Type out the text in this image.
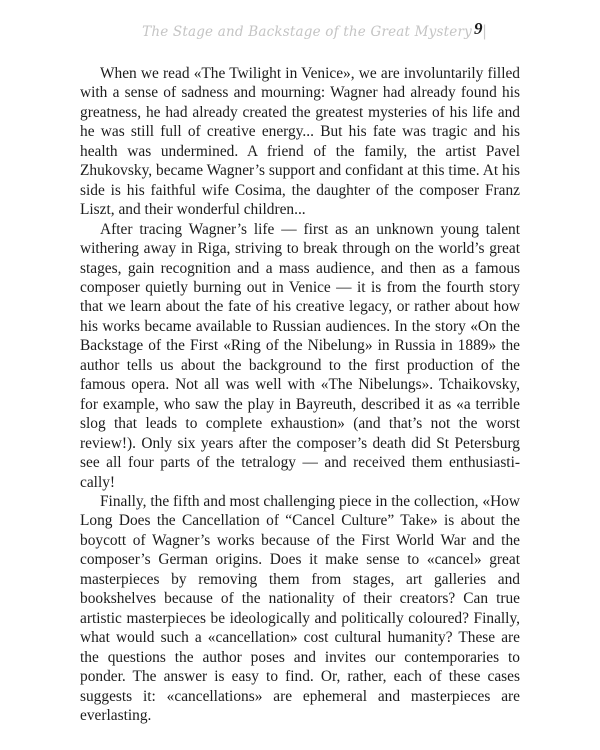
The Stage and Backstage of the Great Mystery |
9

When we read «The Twilight in Venice», we are involuntarily filled with a sense of sadness and mourning: Wagner had already found his greatness, he had already created the greatest mysteries of his life and he was still full of creative energy... But his fate was tragic and his health was undermined. A friend of the family, the artist Pavel Zhukovsky, became Wagner’s support and confidant at this time. At his side is his faithful wife Cosima, the daughter of the composer Franz Liszt, and their wonderful children...

After tracing Wagner’s life — first as an unknown young talent withering away in Riga, striving to break through on the world’s great stages, gain recognition and a mass audience, and then as a famous composer quietly burning out in Venice — it is from the fourth story that we learn about the fate of his creative legacy, or rather about how his works became available to Russian audiences. In the story «On the Backstage of the First «Ring of the Nibelung» in Russia in 1889» the author tells us about the background to the first production of the famous opera. Not all was well with «The Nibelungs». Tchaikovsky, for example, who saw the play in Bayreuth, described it as «a terrible slog that leads to complete exhaustion» (and that’s not the worst review!). Only six years after the composer’s death did St Petersburg see all four parts of the tetralogy — and received them enthusiastically!

Finally, the fifth and most challenging piece in the collection, «How Long Does the Cancellation of “Cancel Culture” Take» is about the boycott of Wagner’s works because of the First World War and the composer’s German origins. Does it make sense to «cancel» great masterpieces by removing them from stages, art galleries and bookshelves because of the nationality of their creators? Can true artistic masterpieces be ideologically and politically coloured? Finally, what would such a «cancellation» cost cultural humanity? These are the questions the author poses and invites our contemporaries to ponder. The answer is easy to find. Or, rather, each of these cases suggests it: «cancellations» are ephemeral and masterpieces are everlasting.
